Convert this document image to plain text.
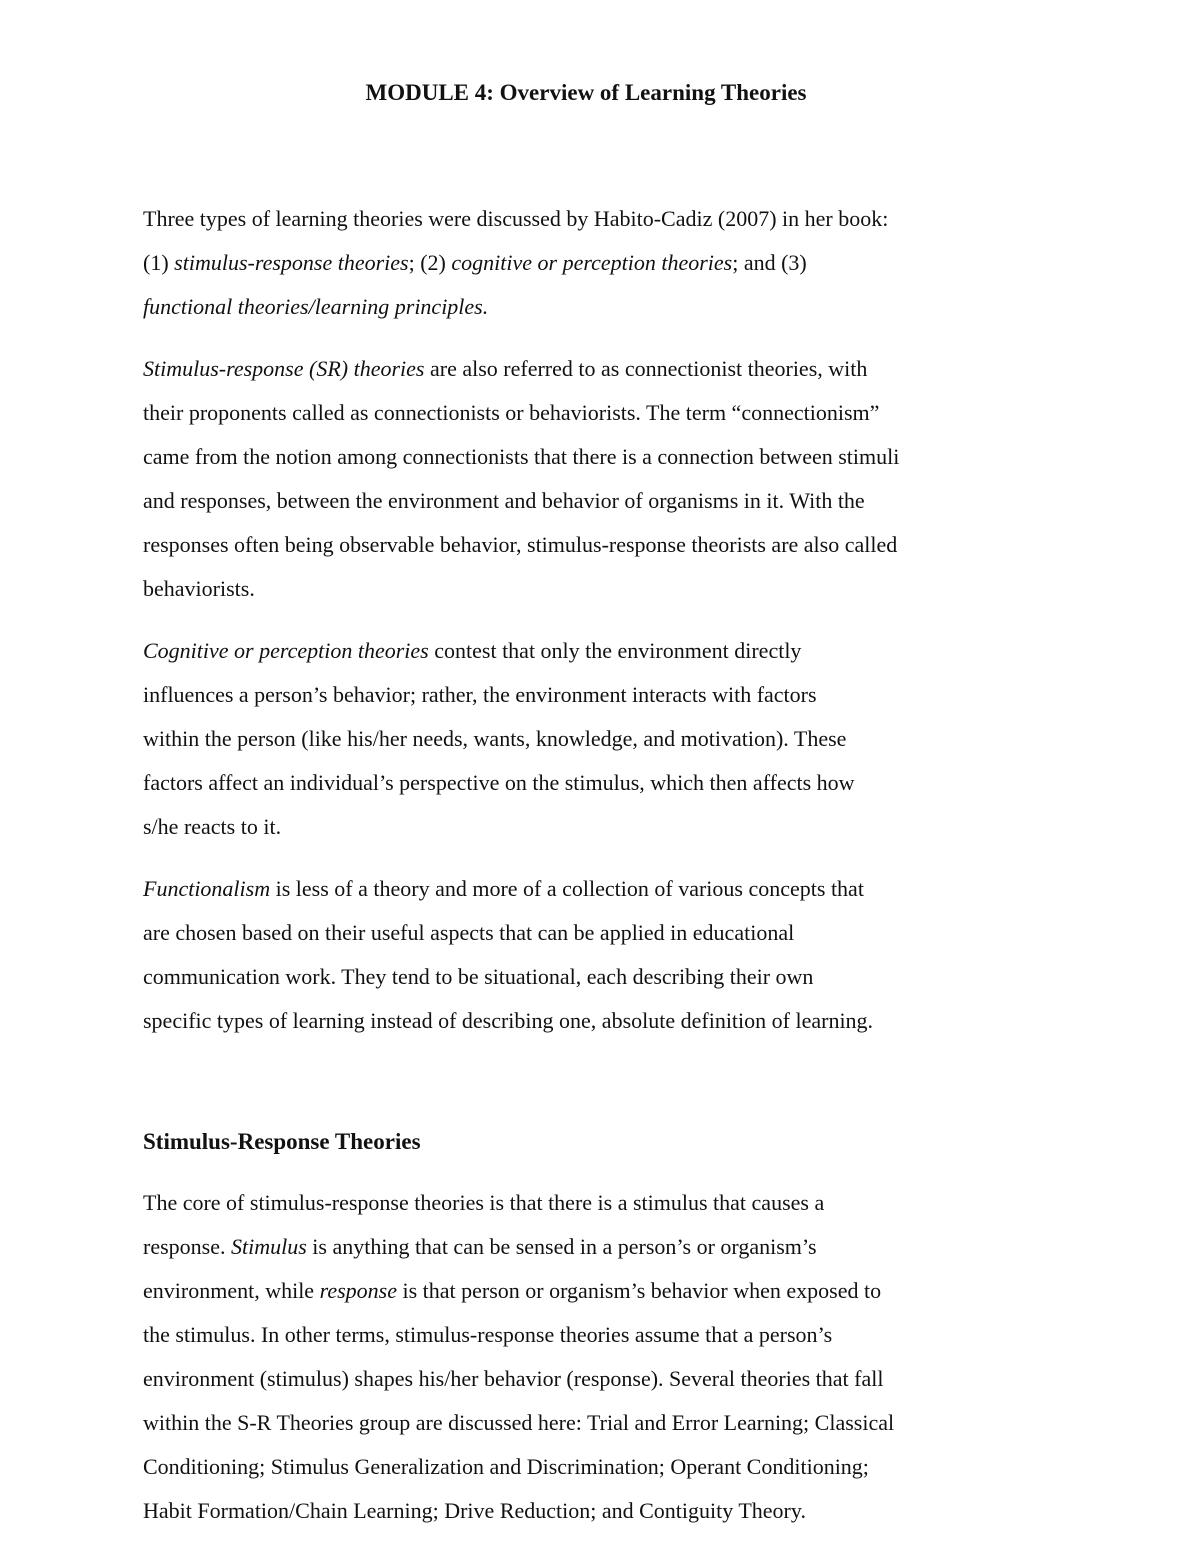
MODULE 4: Overview of Learning Theories

Three types of learning theories were discussed by Habito-Cadiz (2007) in her book:
(1) stimulus-response theories; (2) cognitive or perception theories; and (3)
functional theories/learning principles.

Stimulus-response (SR) theories are also referred to as connectionist theories, with
their proponents called as connectionists or behaviorists. The term “connectionism”
came from the notion among connectionists that there is a connection between stimuli
and responses, between the environment and behavior of organisms in it. With the
responses often being observable behavior, stimulus-response theorists are also called
behaviorists.

Cognitive or perception theories contest that only the environment directly
influences a person’s behavior; rather, the environment interacts with factors
within the person (like his/her needs, wants, knowledge, and motivation). These
factors affect an individual’s perspective on the stimulus, which then affects how
s/he reacts to it.

Functionalism is less of a theory and more of a collection of various concepts that
are chosen based on their useful aspects that can be applied in educational
communication work. They tend to be situational, each describing their own
specific types of learning instead of describing one, absolute definition of learning.

Stimulus-Response Theories

The core of stimulus-response theories is that there is a stimulus that causes a
response. Stimulus is anything that can be sensed in a person’s or organism’s
environment, while response is that person or organism’s behavior when exposed to
the stimulus. In other terms, stimulus-response theories assume that a person’s
environment (stimulus) shapes his/her behavior (response). Several theories that fall
within the S-R Theories group are discussed here: Trial and Error Learning; Classical
Conditioning; Stimulus Generalization and Discrimination; Operant Conditioning;
Habit Formation/Chain Learning; Drive Reduction; and Contiguity Theory.
